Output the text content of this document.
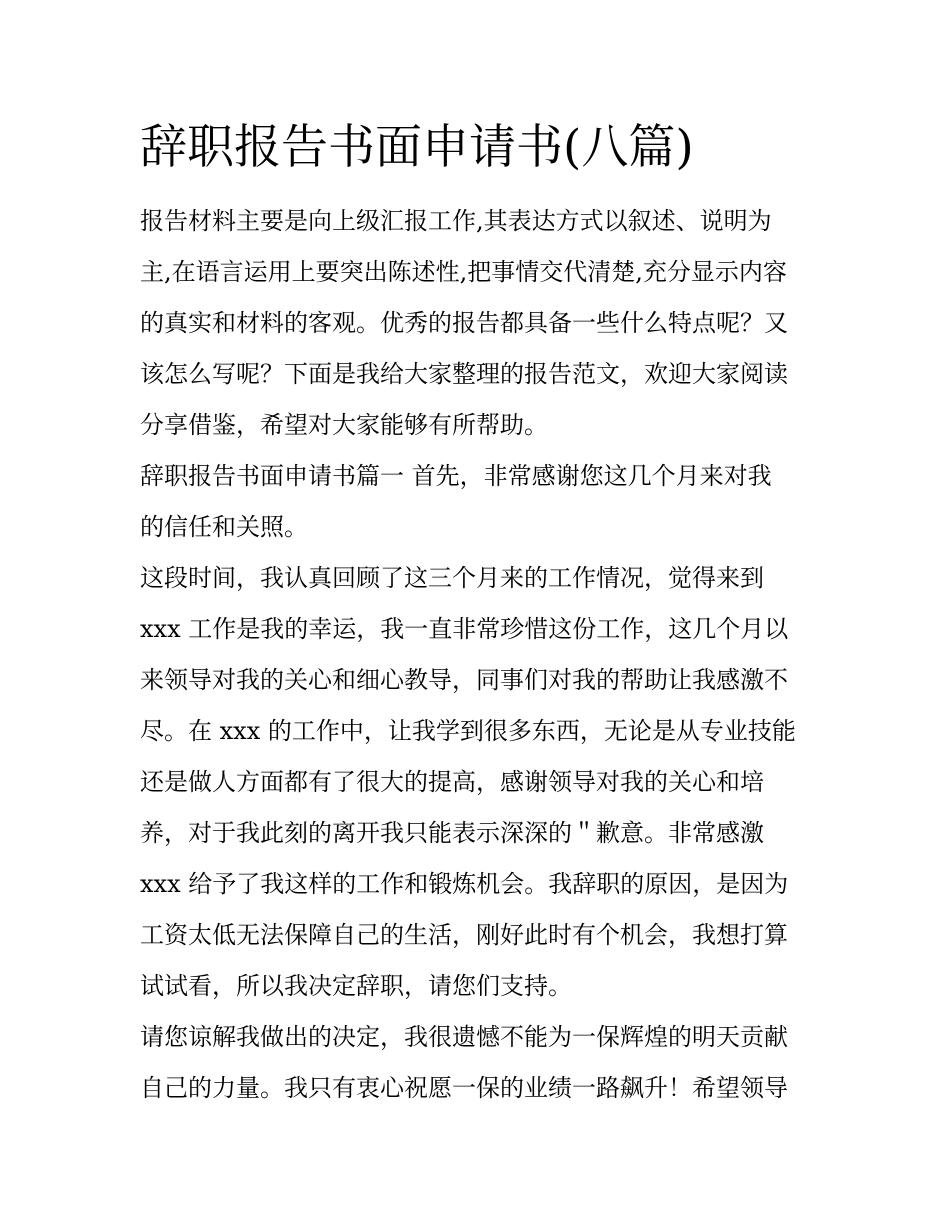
辞职报告书面申请书(八篇)
报告材料主要是向上级汇报工作,其表达方式以叙述、说明为
主,在语言运用上要突出陈述性,把事情交代清楚,充分显示内容
的真实和材料的客观。优秀的报告都具备一些什么特点呢？又
该怎么写呢？下面是我给大家整理的报告范文，欢迎大家阅读
分享借鉴，希望对大家能够有所帮助。
辞职报告书面申请书篇一 首先，非常感谢您这几个月来对我
的信任和关照。
这段时间，我认真回顾了这三个月来的工作情况，觉得来到
xxx 工作是我的幸运，我一直非常珍惜这份工作，这几个月以
来领导对我的关心和细心教导，同事们对我的帮助让我感激不
尽。在 xxx 的工作中，让我学到很多东西，无论是从专业技能
还是做人方面都有了很大的提高，感谢领导对我的关心和培
养，对于我此刻的离开我只能表示深深的＂歉意。非常感激
xxx 给予了我这样的工作和锻炼机会。我辞职的原因，是因为
工资太低无法保障自己的生活，刚好此时有个机会，我想打算
试试看，所以我决定辞职，请您们支持。
请您谅解我做出的决定，我很遗憾不能为一保辉煌的明天贡献
自己的力量。我只有衷心祝愿一保的业绩一路飙升！希望领导
